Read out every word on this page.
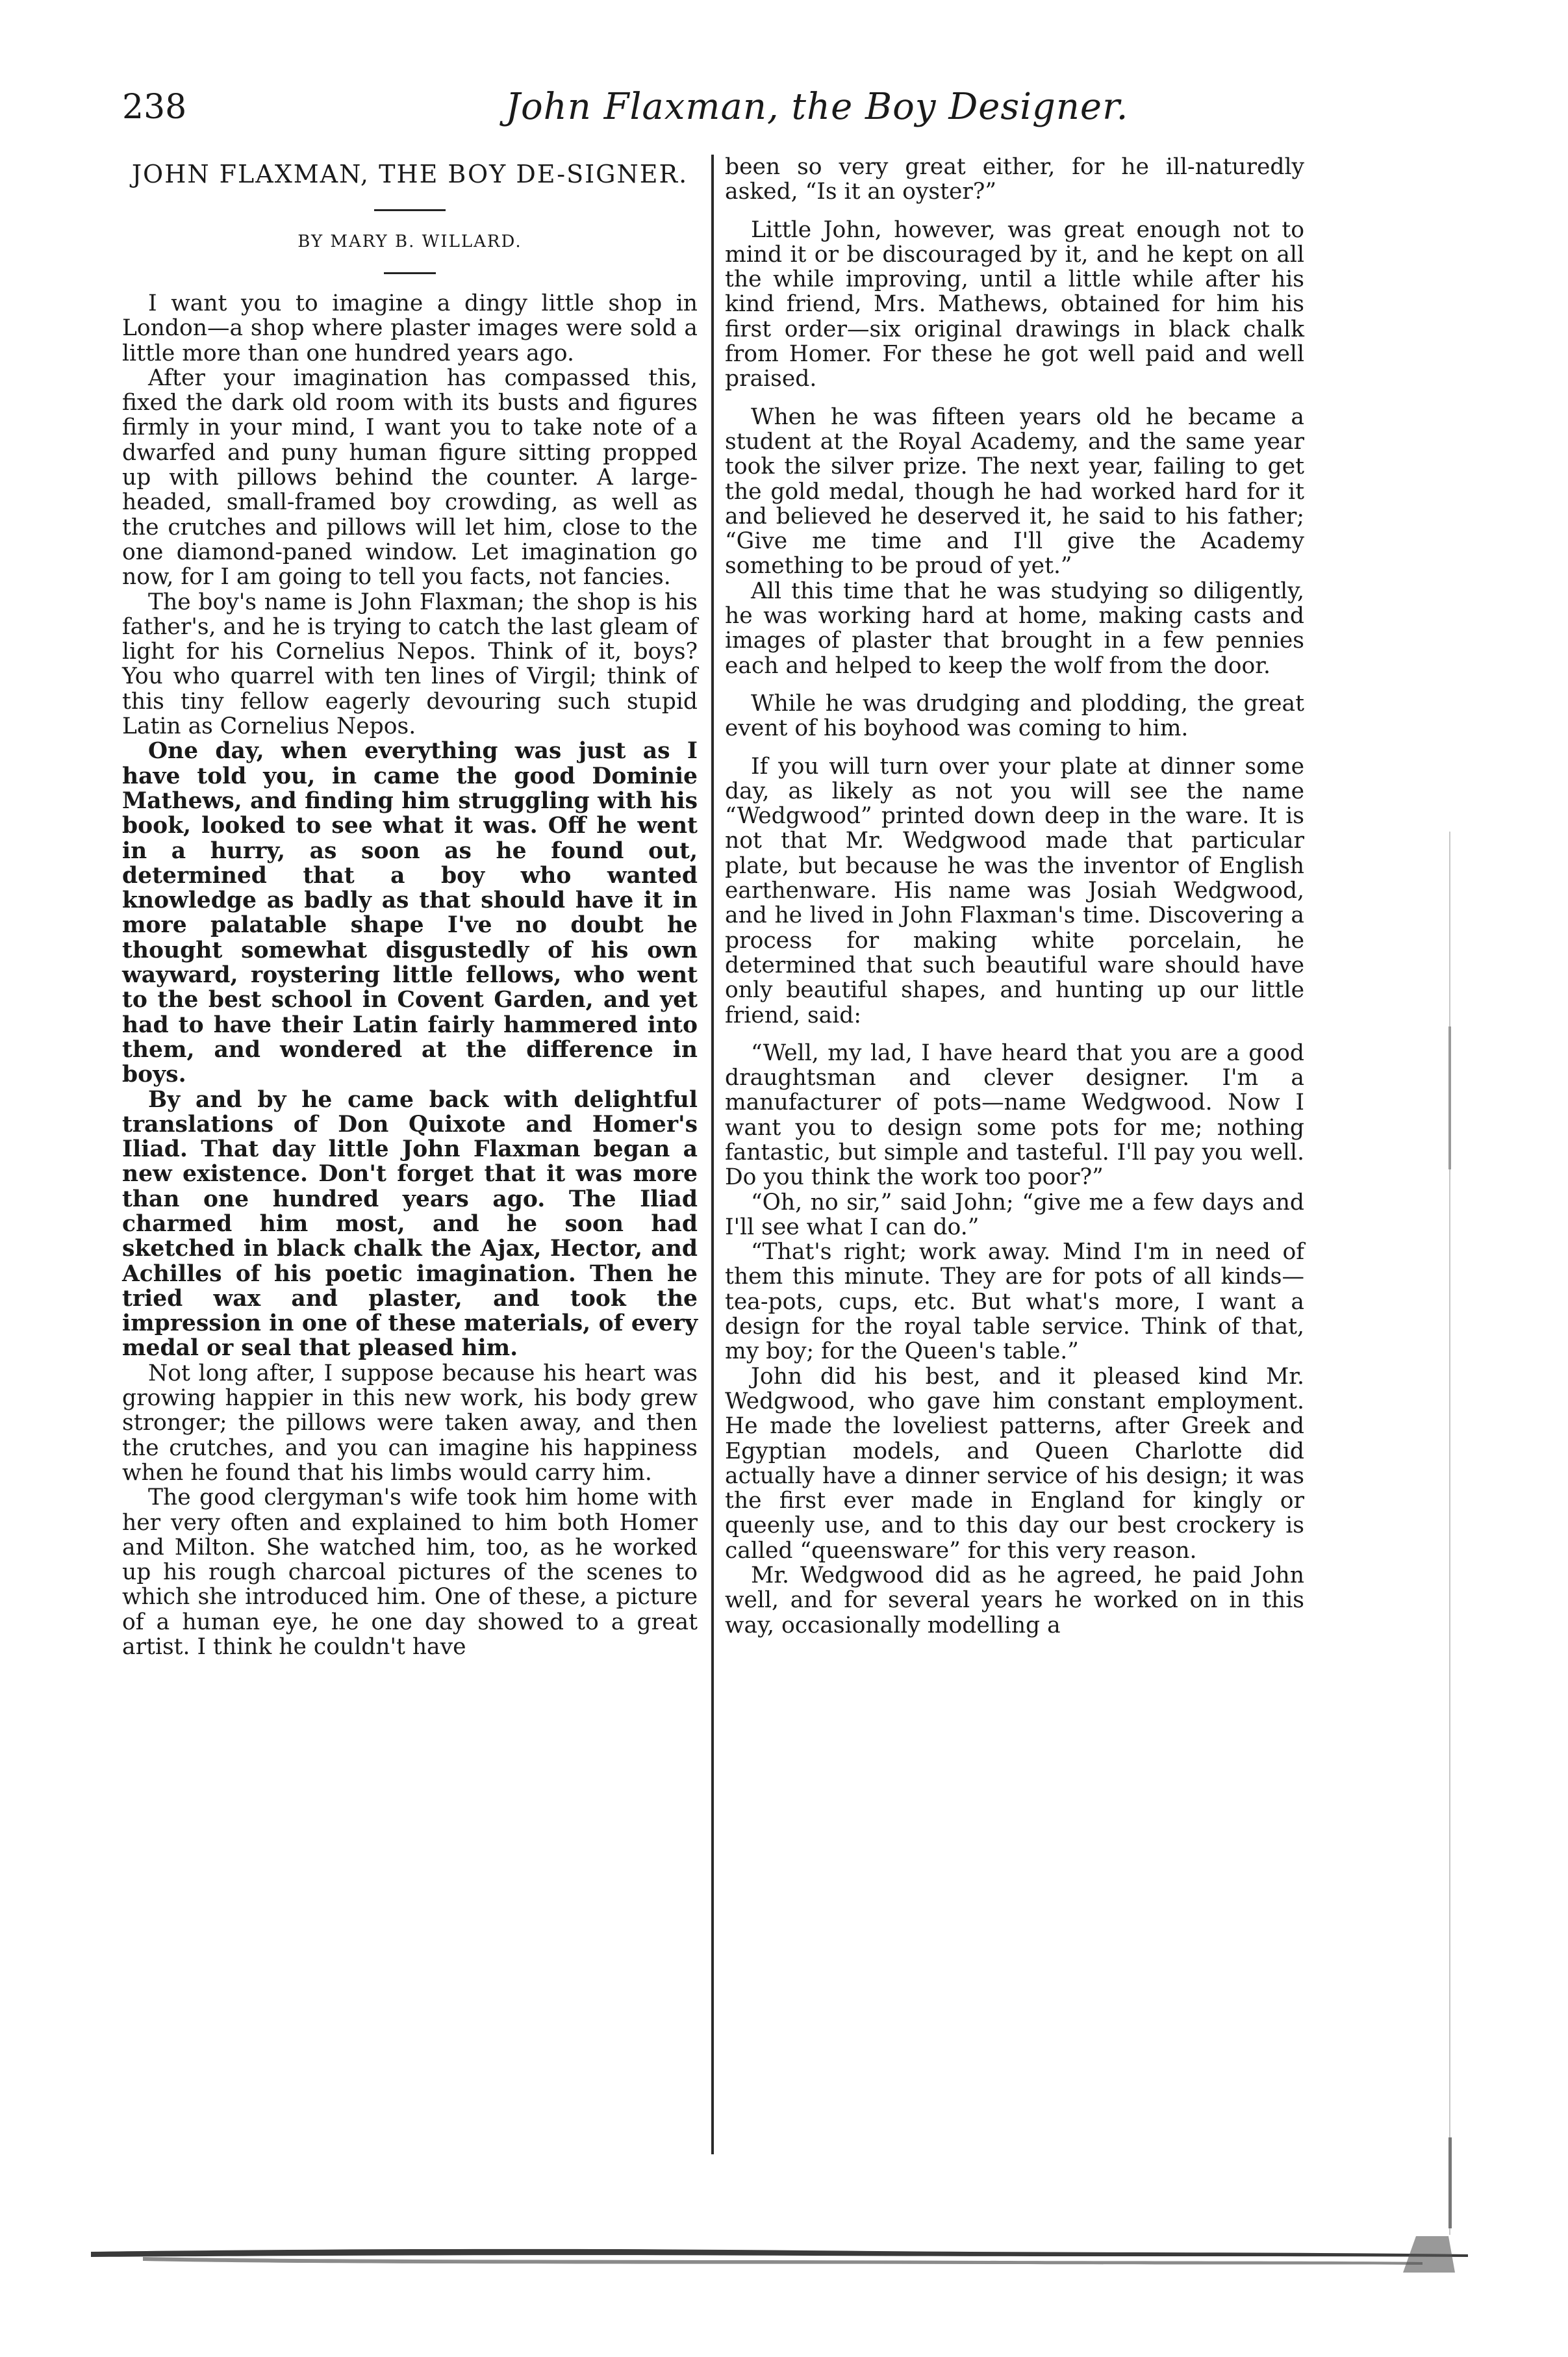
238	John Flaxman, the Boy Designer.
JOHN FLAXMAN, THE BOY DE-SIGNER.
BY MARY B. WILLARD.

I want you to imagine a dingy little shop in London—a shop where plaster images were sold a little more than one hundred years ago.

After your imagination has compassed this, fixed the dark old room with its busts and figures firmly in your mind, I want you to take note of a dwarfed and puny human figure sitting propped up with pillows behind the counter. A large-headed, small-framed boy crowding, as well as the crutches and pillows will let him, close to the one diamond-paned window. Let imagination go now, for I am going to tell you facts, not fancies.

The boy's name is John Flaxman; the shop is his father's, and he is trying to catch the last gleam of light for his Cornelius Nepos. Think of it, boys? You who quarrel with ten lines of Virgil; think of this tiny fellow eagerly devouring such stupid Latin as Cornelius Nepos.

One day, when everything was just as I have told you, in came the good Dominie Mathews, and finding him struggling with his book, looked to see what it was. Off he went in a hurry, as soon as he found out, determined that a boy who wanted knowledge as badly as that should have it in more palatable shape I've no doubt he thought somewhat disgustedly of his own wayward, roystering little fellows, who went to the best school in Covent Garden, and yet had to have their Latin fairly hammered into them, and wondered at the difference in boys.

By and by he came back with delightful translations of Don Quixote and Homer's Iliad. That day little John Flaxman began a new existence. Don't forget that it was more than one hundred years ago. The Iliad charmed him most, and he soon had sketched in black chalk the Ajax, Hector, and Achilles of his poetic imagination. Then he tried wax and plaster, and took the impression in one of these materials, of every medal or seal that pleased him.

Not long after, I suppose because his heart was growing happier in this new work, his body grew stronger; the pillows were taken away, and then the crutches, and you can imagine his happiness when he found that his limbs would carry him.

The good clergyman's wife took him home with her very often and explained to him both Homer and Milton. She watched him, too, as he worked up his rough charcoal pictures of the scenes to which she introduced him. One of these, a picture of a human eye, he one day showed to a great artist. I think he couldn't have

been so very great either, for he ill-naturedly asked, “Is it an oyster?”

Little John, however, was great enough not to mind it or be discouraged by it, and he kept on all the while improving, until a little while after his kind friend, Mrs. Mathews, obtained for him his first order—six original drawings in black chalk from Homer. For these he got well paid and well praised.

When he was fifteen years old he became a student at the Royal Academy, and the same year took the silver prize. The next year, failing to get the gold medal, though he had worked hard for it and believed he deserved it, he said to his father; “Give me time and I'll give the Academy something to be proud of yet.”

All this time that he was studying so diligently, he was working hard at home, making casts and images of plaster that brought in a few pennies each and helped to keep the wolf from the door.

While he was drudging and plodding, the great event of his boyhood was coming to him.

If you will turn over your plate at dinner some day, as likely as not you will see the name “Wedgwood” printed down deep in the ware. It is not that Mr. Wedgwood made that particular plate, but because he was the inventor of English earthenware. His name was Josiah Wedgwood, and he lived in John Flaxman's time. Discovering a process for making white porcelain, he determined that such beautiful ware should have only beautiful shapes, and hunting up our little friend, said:

“Well, my lad, I have heard that you are a good draughtsman and clever designer. I'm a manufacturer of pots—name Wedgwood. Now I want you to design some pots for me; nothing fantastic, but simple and tasteful. I'll pay you well. Do you think the work too poor?”

“Oh, no sir,” said John; “give me a few days and I'll see what I can do.”

“That's right; work away. Mind I'm in need of them this minute. They are for pots of all kinds—tea-pots, cups, etc. But what's more, I want a design for the royal table service. Think of that, my boy; for the Queen's table.”

John did his best, and it pleased kind Mr. Wedgwood, who gave him constant employment. He made the loveliest patterns, after Greek and Egyptian models, and Queen Charlotte did actually have a dinner service of his design; it was the first ever made in England for kingly or queenly use, and to this day our best crockery is called “queensware” for this very reason.

Mr. Wedgwood did as he agreed, he paid John well, and for several years he worked on in this way, occasionally modelling a
